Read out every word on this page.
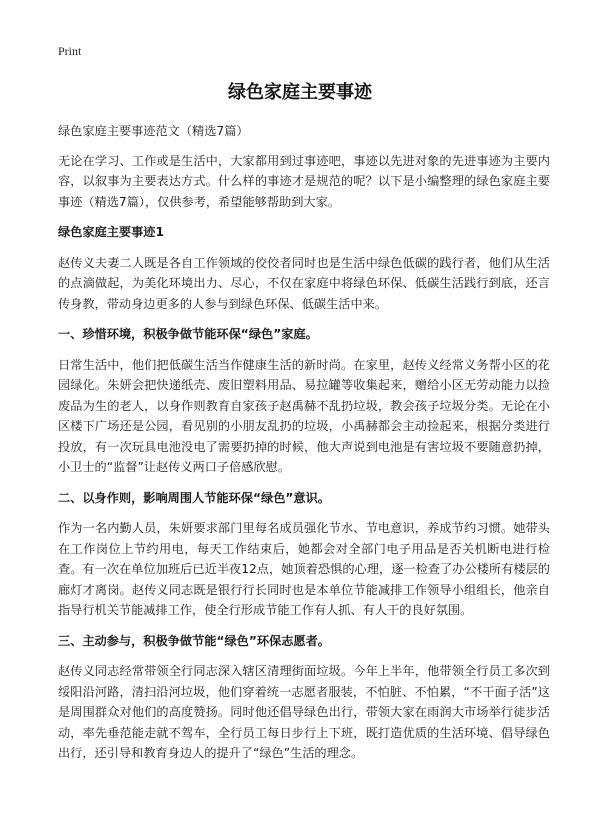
Print
绿色家庭主要事迹

绿色家庭主要事迹范文（精选7篇）

无论在学习、工作或是生活中，大家都用到过事迹吧，事迹以先进对象的先进事迹为主要内容，以叙事为主要表达方式。什么样的事迹才是规范的呢？以下是小编整理的绿色家庭主要事迹（精选7篇），仅供参考，希望能够帮助到大家。

绿色家庭主要事迹1

赵传义夫妻二人既是各自工作领域的佼佼者同时也是生活中绿色低碳的践行者，他们从生活的点滴做起，为美化环境出力、尽心，不仅在家庭中将绿色环保、低碳生活践行到底，还言传身教，带动身边更多的人参与到绿色环保、低碳生活中来。

一、珍惜环境，积极争做节能环保“绿色”家庭。

日常生活中，他们把低碳生活当作健康生活的新时尚。在家里，赵传义经常义务帮小区的花园绿化。朱妍会把快递纸壳、废旧塑料用品、易拉罐等收集起来，赠给小区无劳动能力以捡废品为生的老人，以身作则教育自家孩子赵禹赫不乱扔垃圾，教会孩子垃圾分类。无论在小区楼下广场还是公园，看见别的小朋友乱扔的垃圾，小禹赫都会主动捡起来，根据分类进行投放，有一次玩具电池没电了需要扔掉的时候，他大声说到电池是有害垃圾不要随意扔掉，小卫士的“监督”让赵传义两口子倍感欣慰。

二、以身作则，影响周围人节能环保“绿色”意识。

作为一名内勤人员，朱妍要求部门里每名成员强化节水、节电意识，养成节约习惯。她带头在工作岗位上节约用电，每天工作结束后，她都会对全部门电子用品是否关机断电进行检查。有一次在单位加班后已近半夜12点，她顶着恐惧的心理，逐一检查了办公楼所有楼层的廊灯才离岗。赵传义同志既是银行行长同时也是本单位节能减排工作领导小组组长，他亲自指导行机关节能减排工作，使全行形成节能工作有人抓、有人干的良好氛围。

三、主动参与，积极争做节能“绿色”环保志愿者。

赵传义同志经常带领全行同志深入辖区清理街面垃圾。今年上半年，他带领全行员工多次到绥阳沿河路，清扫沿河垃圾，他们穿着统一志愿者服装，不怕脏、不怕累，“不干面子活”这是周围群众对他们的高度赞扬。同时他还倡导绿色出行，带领大家在雨润大市场举行徒步活动，率先垂范能走就不驾车，全行员工每日步行上下班，既打造优质的生活环境、倡导绿色出行，还引导和教育身边人的提升了“绿色”生活的理念。
